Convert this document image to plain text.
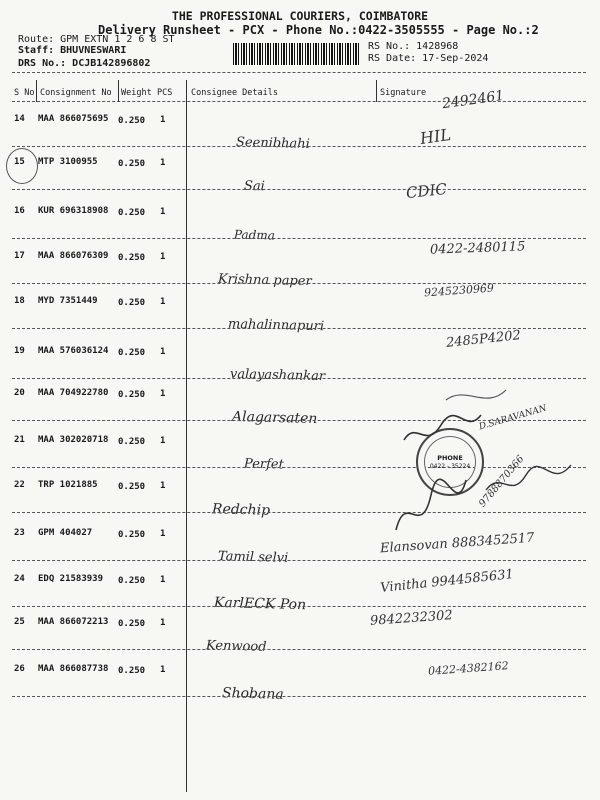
THE PROFESSIONAL COURIERS, COIMBATORE
Delivery Runsheet - PCX - Phone No.:0422-3505555 - Page No.:2
Route: GPM EXTN 1 2 6 8 ST
Staff: BHUVNESWARI
DRS No.: DCJB142896802
RS No.: 1428968
RS Date: 17-Sep-2024
S No Consignment No Weight PCS Consignee Details	Signature
14 MAA 866075695 0.250 1
Seenibhahi
2492461
15 MTP 3100955 0.250 1
Sai
HIL
16 KUR 696318908 0.250 1
Padma
CDIC
17 MAA 866076309 0.250 1
Krishna paper
0422-2480115
18 MYD 7351449 0.250 1
mahalinnapuri
9245230969
19 MAA 576036124 0.250 1
valayashankar
2485P4202
20 MAA 704922780 0.250 1
Alagarsaten
21 MAA 302020718 0.250 1
Perfet
D.SARAVANAN
22 TRP 1021885 0.250 1
Redchip
9788870366
23 GPM 404027	0.250 1
Tamil selvi
Elansovan 8883452517
24 EDQ 21583939 0.250 1
KarlECK Pon
Vinitha 9944585631
25 MAA 866072213 0.250 1
Kenwood
9842232302
26 MAA 866087738 0.250 1
Shobana
0422-4382162
PHONE
0422 - 35224
